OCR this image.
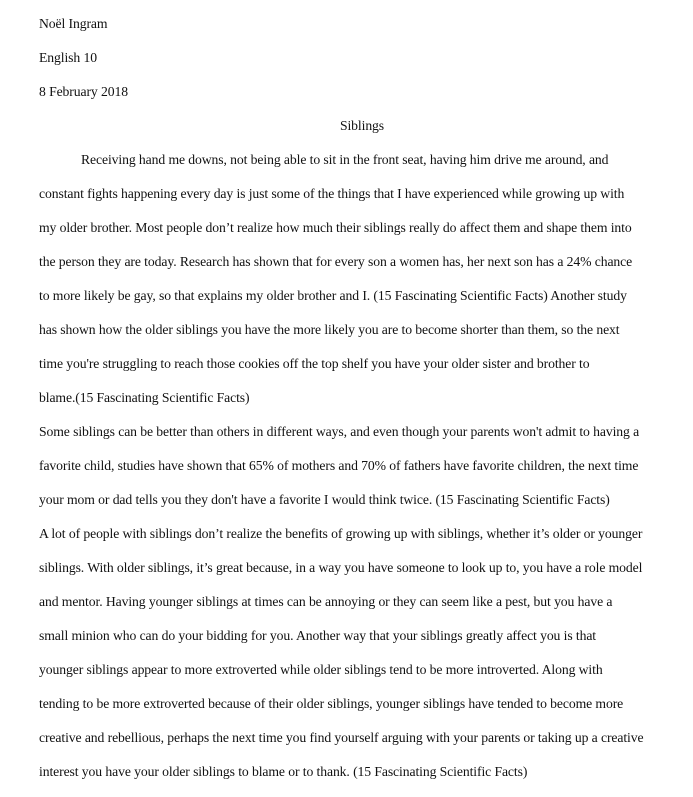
Noël Ingram

English 10

8 February 2018

Siblings

Receiving hand me downs, not being able to sit in the front seat, having him drive me around, and

constant fights happening every day is just some of the things that I have experienced while growing up with

my older brother. Most people don’t realize how much their siblings really do affect them and shape them into

the person they are today. Research has shown that for every son a women has, her next son has a 24% chance

to more likely be gay, so that explains my older brother and I. (15 Fascinating Scientific Facts) Another study

has shown how the older siblings you have the more likely you are to become shorter than them, so the next

time you're struggling to reach those cookies off the top shelf you have your older sister and brother to

blame.(15 Fascinating Scientific Facts)

Some siblings can be better than others in different ways, and even though your parents won't admit to having a

favorite child, studies have shown that 65% of mothers and 70% of fathers have favorite children, the next time

your mom or dad tells you they don't have a favorite I would think twice. (15 Fascinating Scientific Facts)

A lot of people with siblings don’t realize the benefits of growing up with siblings, whether it’s older or younger

siblings. With older siblings, it’s great because, in a way you have someone to look up to, you have a role model

and mentor. Having younger siblings at times can be annoying or they can seem like a pest, but you have a

small minion who can do your bidding for you. Another way that your siblings greatly affect you is that

younger siblings appear to more extroverted while older siblings tend to be more introverted. Along with

tending to be more extroverted because of their older siblings, younger siblings have tended to become more

creative and rebellious, perhaps the next time you find yourself arguing with your parents or taking up a creative

interest you have your older siblings to blame or to thank. (15 Fascinating Scientific Facts)
